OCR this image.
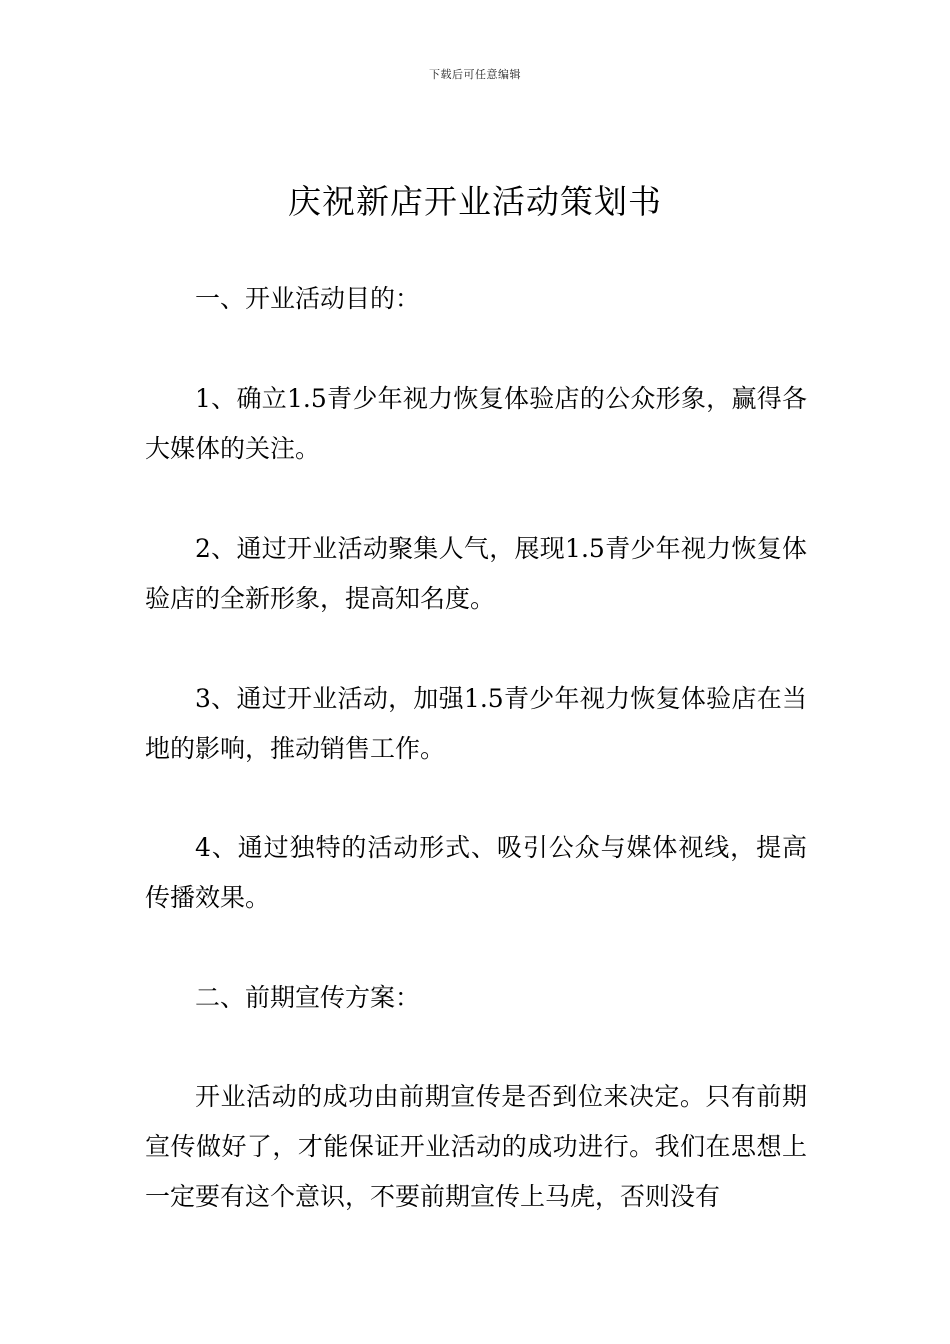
下载后可任意编辑
庆祝新店开业活动策划书

一、开业活动目的：

1、确立1.5青少年视力恢复体验店的公众形象，赢得各大媒体的关注。

2、通过开业活动聚集人气，展现1.5青少年视力恢复体验店的全新形象，提高知名度。

3、通过开业活动，加强1.5青少年视力恢复体验店在当地的影响，推动销售工作。

4、通过独特的活动形式、吸引公众与媒体视线，提高传播效果。

二、前期宣传方案：

开业活动的成功由前期宣传是否到位来决定。只有前期宣传做好了，才能保证开业活动的成功进行。我们在思想上一定要有这个意识，不要前期宣传上马虎，否则没有
